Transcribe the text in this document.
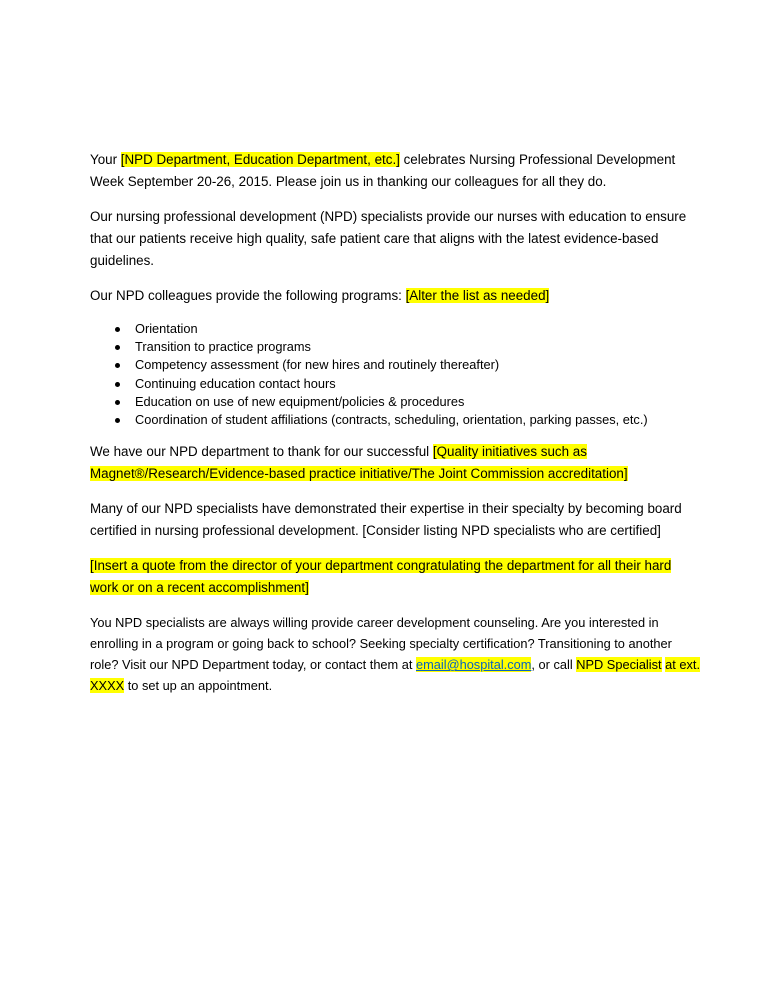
Your [NPD Department, Education Department, etc.] celebrates Nursing Professional Development Week September 20-26, 2015. Please join us in thanking our colleagues for all they do.

Our nursing professional development (NPD) specialists provide our nurses with education to ensure that our patients receive high quality, safe patient care that aligns with the latest evidence-based guidelines.

Our NPD colleagues provide the following programs: [Alter the list as needed]

Orientation
Transition to practice programs
Competency assessment (for new hires and routinely thereafter)
Continuing education contact hours
Education on use of new equipment/policies & procedures
Coordination of student affiliations (contracts, scheduling, orientation, parking passes, etc.)

We have our NPD department to thank for our successful [Quality initiatives such as Magnet®/Research/Evidence-based practice initiative/The Joint Commission accreditation]

Many of our NPD specialists have demonstrated their expertise in their specialty by becoming board certified in nursing professional development. [Consider listing NPD specialists who are certified]

[Insert a quote from the director of your department congratulating the department for all their hard work or on a recent accomplishment]

You NPD specialists are always willing provide career development counseling. Are you interested in enrolling in a program or going back to school? Seeking specialty certification? Transitioning to another role? Visit our NPD Department today, or contact them at email@hospital.com, or call NPD Specialist at ext. XXXX to set up an appointment.
